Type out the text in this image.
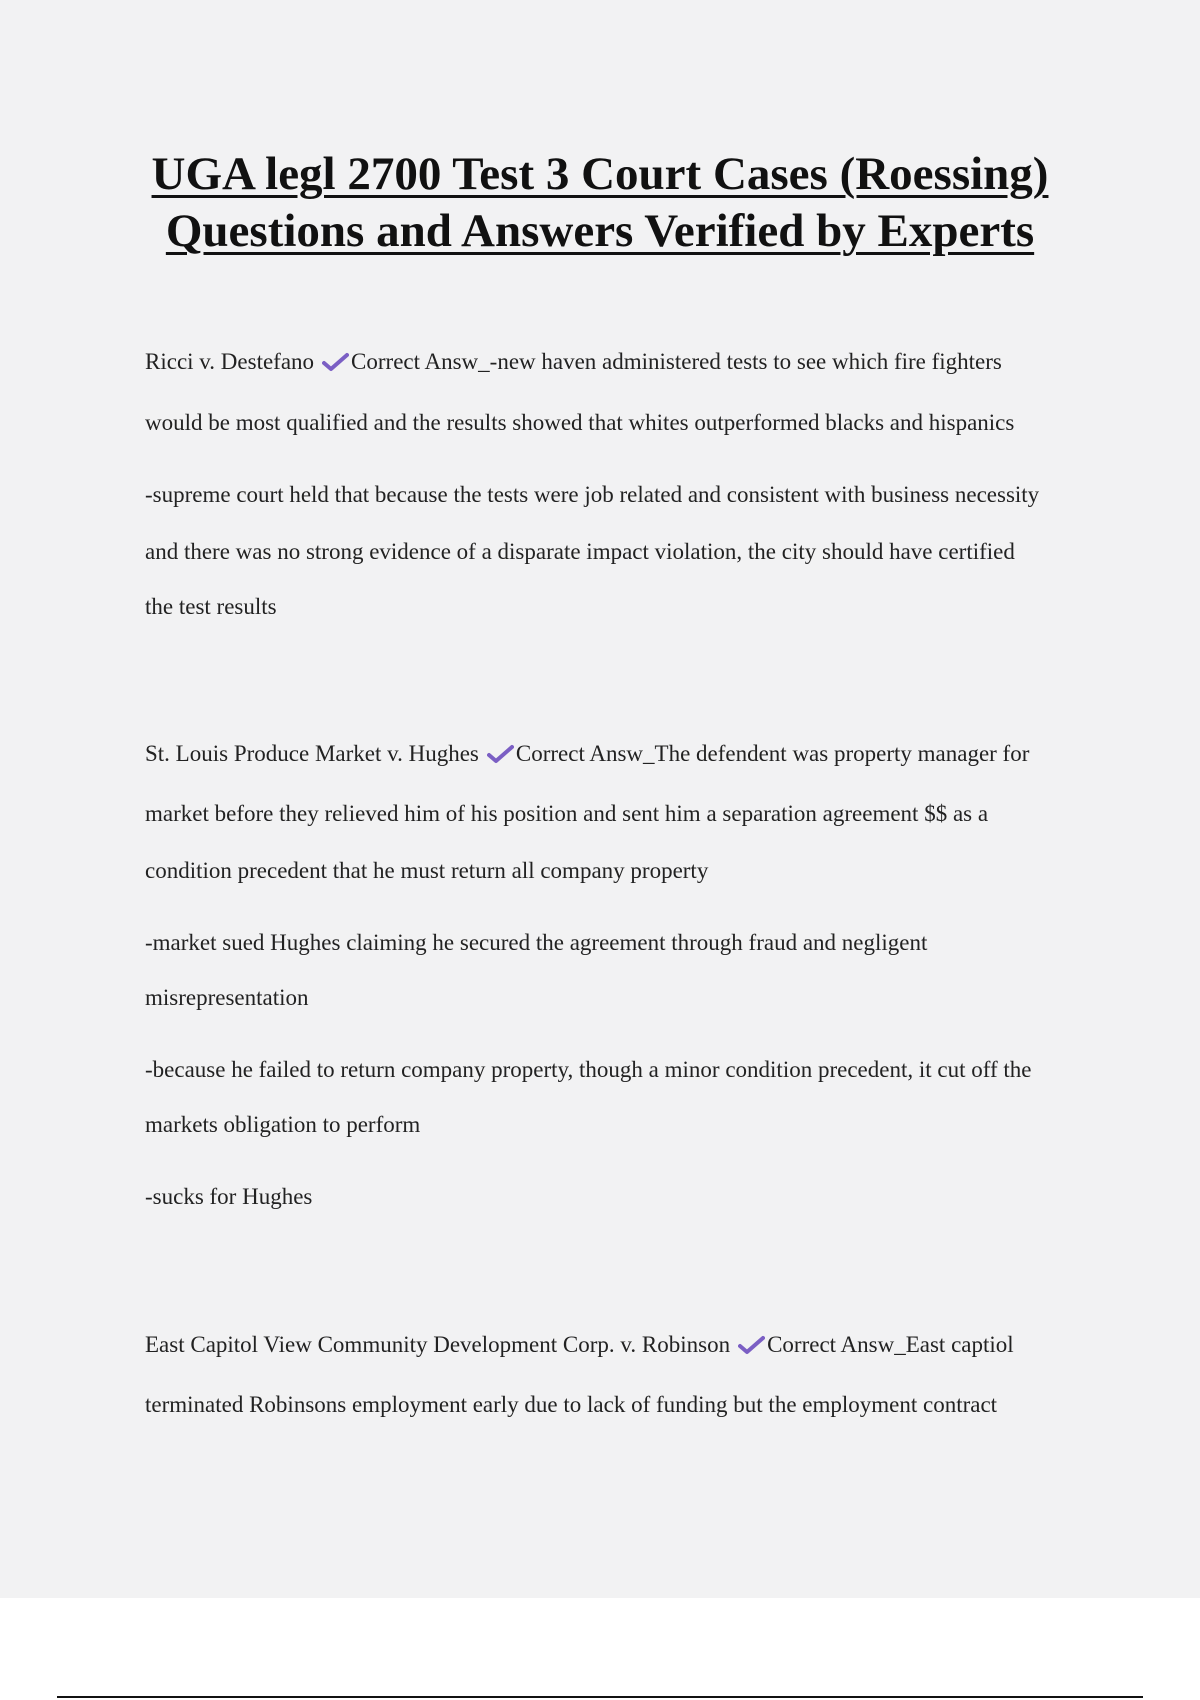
UGA legl 2700 Test 3 Court Cases (Roessing)
Questions and Answers Verified by Experts
Ricci v. Destefano Correct Answ_-new haven administered tests to see which fire fighters
would be most qualified and the results showed that whites outperformed blacks and hispanics
-supreme court held that because the tests were job related and consistent with business necessity
and there was no strong evidence of a disparate impact violation, the city should have certified
the test results
St. Louis Produce Market v. Hughes Correct Answ_The defendent was property manager for
market before they relieved him of his position and sent him a separation agreement $$ as a
condition precedent that he must return all company property
-market sued Hughes claiming he secured the agreement through fraud and negligent
misrepresentation
-because he failed to return company property, though a minor condition precedent, it cut off the
markets obligation to perform
-sucks for Hughes
East Capitol View Community Development Corp. v. Robinson Correct Answ_East captiol
terminated Robinsons employment early due to lack of funding but the employment contract
